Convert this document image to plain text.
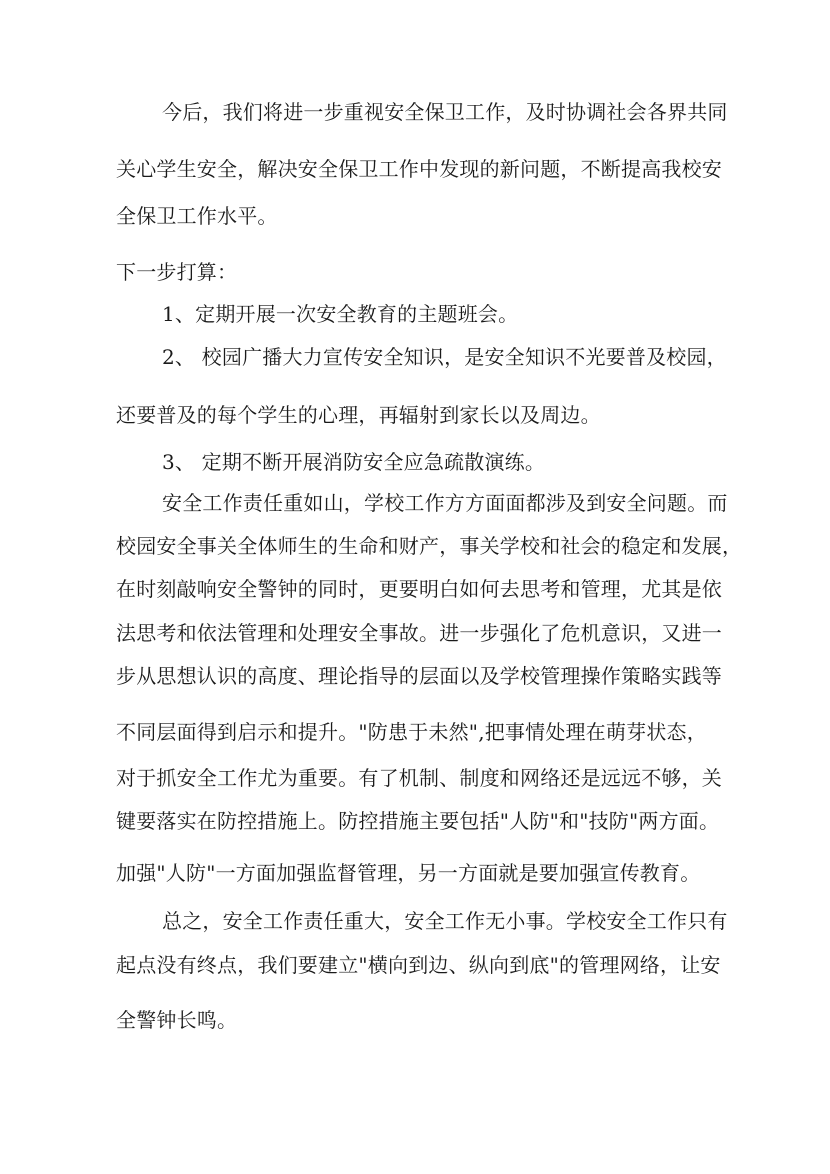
今后，我们将进一步重视安全保卫工作，及时协调社会各界共同
关心学生安全，解决安全保卫工作中发现的新问题，不断提高我校安
全保卫工作水平。
下一步打算：
1、定期开展一次安全教育的主题班会。
2、 校园广播大力宣传安全知识，是安全知识不光要普及校园，
还要普及的每个学生的心理，再辐射到家长以及周边。
3、 定期不断开展消防安全应急疏散演练。
安全工作责任重如山，学校工作方方面面都涉及到安全问题。而
校园安全事关全体师生的生命和财产，事关学校和社会的稳定和发展，
在时刻敲响安全警钟的同时，更要明白如何去思考和管理，尤其是依
法思考和依法管理和处理安全事故。进一步强化了危机意识，又进一
步从思想认识的高度、理论指导的层面以及学校管理操作策略实践等
不同层面得到启示和提升。"防患于未然",把事情处理在萌芽状态，
对于抓安全工作尤为重要。有了机制、制度和网络还是远远不够，关
键要落实在防控措施上。防控措施主要包括"人防"和"技防"两方面。
加强"人防"一方面加强监督管理，另一方面就是要加强宣传教育。
总之，安全工作责任重大，安全工作无小事。学校安全工作只有
起点没有终点，我们要建立"横向到边、纵向到底"的管理网络，让安
全警钟长鸣。
